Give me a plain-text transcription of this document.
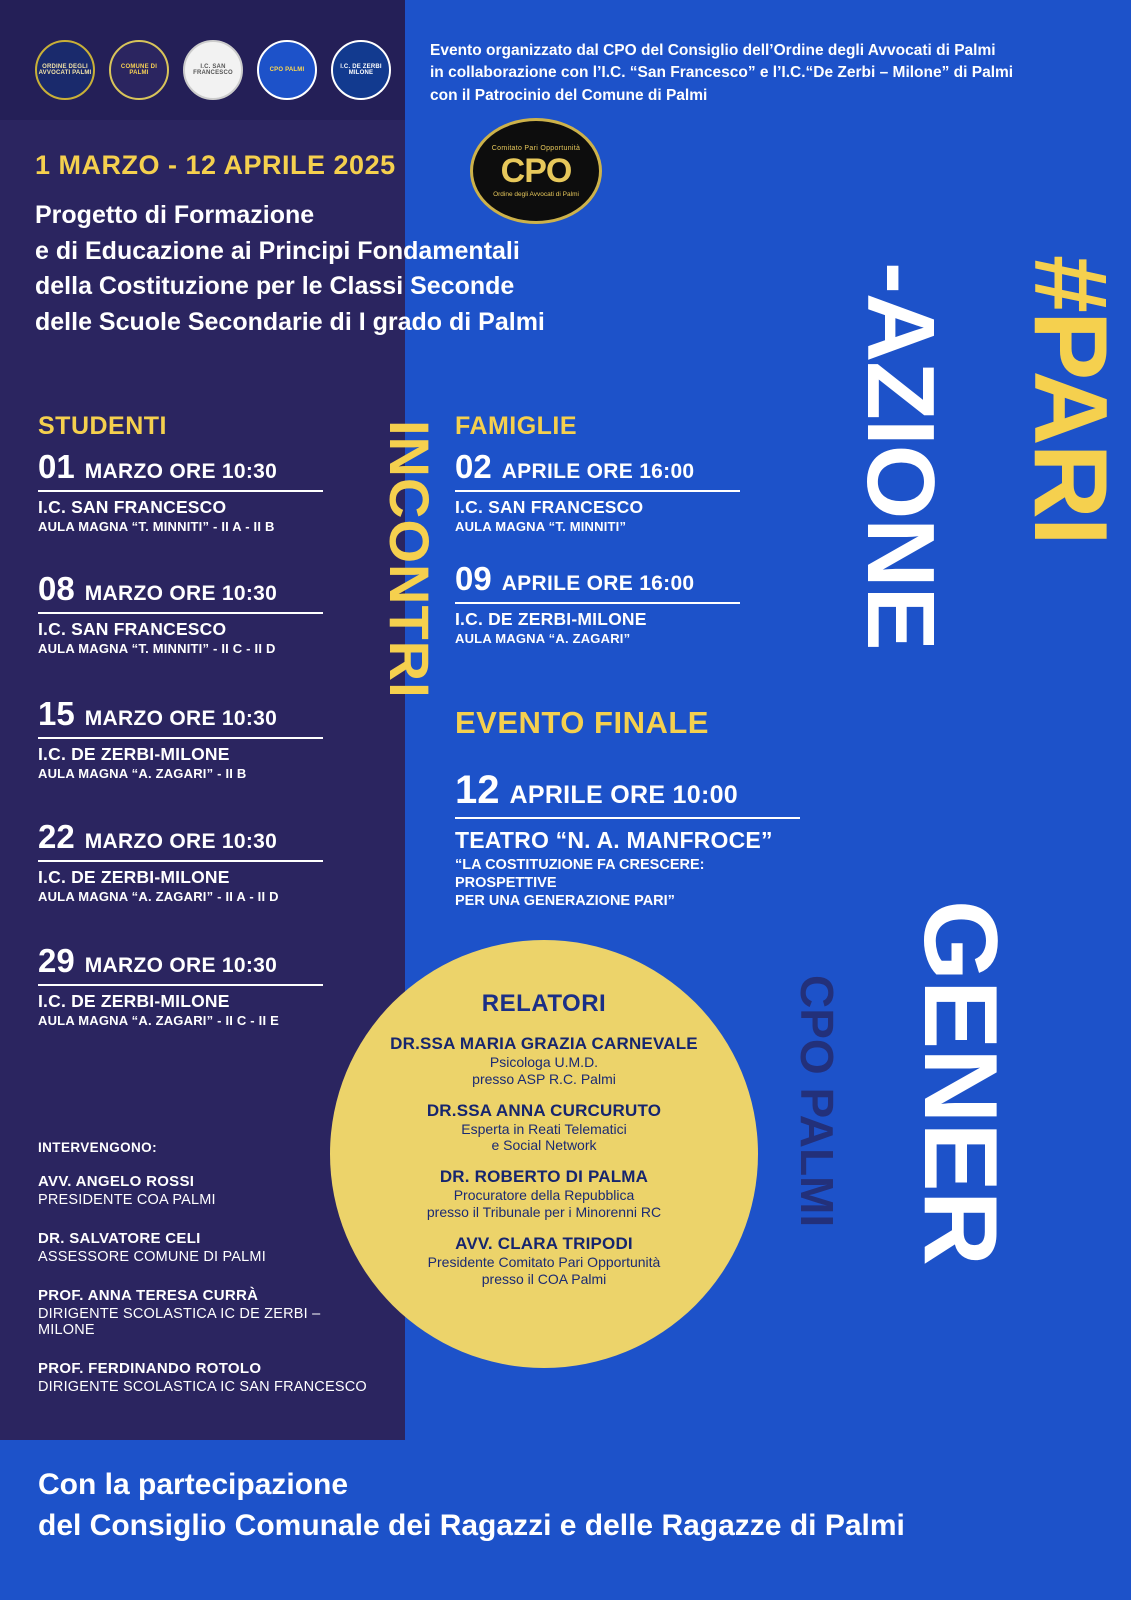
ORDINE DEGLI AVVOCATI PALMI
COMUNE DI PALMI
I.C. SAN FRANCESCO
CPO PALMI
I.C. DE ZERBI MILONE
Evento organizzato dal CPO del Consiglio dell’Ordine degli Avvocati di Palmi
in collaborazione con l’I.C. “San Francesco” e l’I.C.“De Zerbi – Milone” di Palmi
con il Patrocinio del Comune di Palmi
Comitato Pari Opportunità
CPO
Ordine degli Avvocati di Palmi
1 MARZO - 12 APRILE 2025
Progetto di Formazione
e di Educazione ai Principi Fondamentali
della Costituzione per le Classi Seconde
delle Scuole Secondarie di I grado di Palmi	#PARI
-AZIONE
GENER
CPO PALMI
INCONTRI
STUDENTI	FAMIGLIE
EVENTO FINALE
01 MARZO ORE 10:30
I.C. SAN FRANCESCO
AULA MAGNA “T. MINNITI” - II A - II B
08 MARZO ORE 10:30
I.C. SAN FRANCESCO
AULA MAGNA “T. MINNITI” - II C - II D
15 MARZO ORE 10:30
I.C. DE ZERBI-MILONE
AULA MAGNA “A. ZAGARI” - II B
22 MARZO ORE 10:30
I.C. DE ZERBI-MILONE
AULA MAGNA “A. ZAGARI” - II A - II D
29 MARZO ORE 10:30
I.C. DE ZERBI-MILONE
AULA MAGNA “A. ZAGARI” - II C - II E
02 APRILE ORE 16:00
I.C. SAN FRANCESCO
AULA MAGNA “T. MINNITI”
09 APRILE ORE 16:00
I.C. DE ZERBI-MILONE
AULA MAGNA “A. ZAGARI”
12 APRILE ORE 10:00
TEATRO “N. A. MANFROCE”
“LA COSTITUZIONE FA CRESCERE: PROSPETTIVE
PER UNA GENERAZIONE PARI”
RELATORI
DR.SSA MARIA GRAZIA CARNEVALE
Psicologa U.M.D.
presso ASP R.C. Palmi
DR.SSA ANNA CURCURUTO
Esperta in Reati Telematici
e Social Network
DR. ROBERTO DI PALMA
Procuratore della Repubblica
presso il Tribunale per i Minorenni RC
AVV. CLARA TRIPODI
Presidente Comitato Pari Opportunità
presso il COA Palmi
INTERVENGONO:
AVV. ANGELO ROSSI
PRESIDENTE COA PALMI
DR. SALVATORE CELI
ASSESSORE COMUNE DI PALMI
PROF. ANNA TERESA CURRÀ
DIRIGENTE SCOLASTICA IC DE ZERBI – MILONE
PROF. FERDINANDO ROTOLO
DIRIGENTE SCOLASTICA IC SAN FRANCESCO
Con la partecipazione
del Consiglio Comunale dei Ragazzi e delle Ragazze di Palmi
